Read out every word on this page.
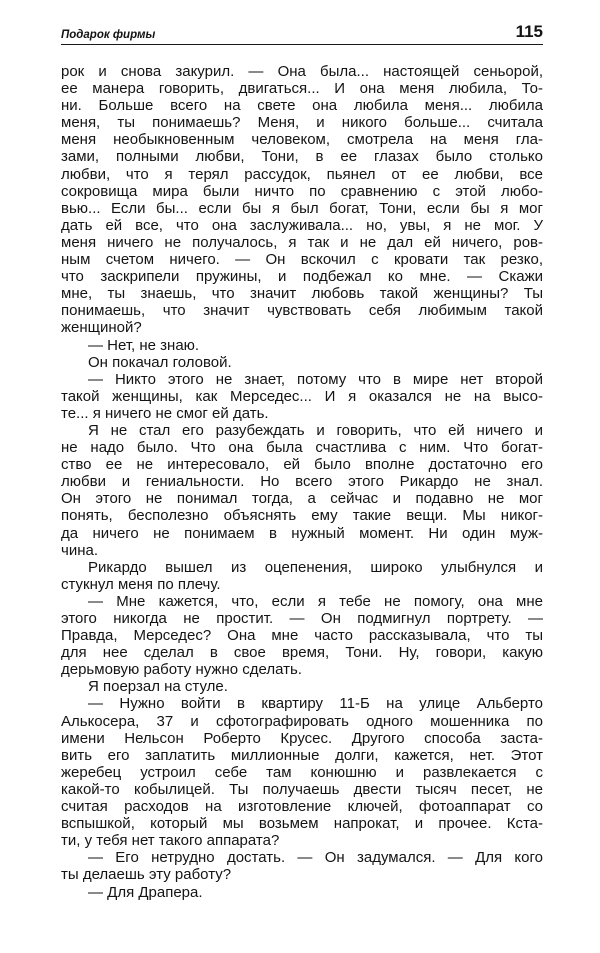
Подарок фирмы	115
рок и снова закурил. — Она была... настоящей сеньорой,
ее манера говорить, двигаться... И она меня любила, То-
ни. Больше всего на свете она любила меня... любила
меня, ты понимаешь? Меня, и никого больше... считала
меня необыкновенным человеком, смотрела на меня гла-
зами, полными любви, Тони, в ее глазах было столько
любви, что я терял рассудок, пьянел от ее любви, все
сокровища мира были ничто по сравнению с этой любо-
вью... Если бы... если бы я был богат, Тони, если бы я мог
дать ей все, что она заслуживала... но, увы, я не мог. У
меня ничего не получалось, я так и не дал ей ничего, ров-
ным счетом ничего. — Он вскочил с кровати так резко,
что заскрипели пружины, и подбежал ко мне. — Скажи
мне, ты знаешь, что значит любовь такой женщины? Ты
понимаешь, что значит чувствовать себя любимым такой
женщиной?
— Нет, не знаю.
Он покачал головой.
— Никто этого не знает, потому что в мире нет второй
такой женщины, как Мерседес... И я оказался не на высо-
те... я ничего не смог ей дать.
Я не стал его разубеждать и говорить, что ей ничего и
не надо было. Что она была счастлива с ним. Что богат-
ство ее не интересовало, ей было вполне достаточно его
любви и гениальности. Но всего этого Рикардо не знал.
Он этого не понимал тогда, а сейчас и подавно не мог
понять, бесполезно объяснять ему такие вещи. Мы никог-
да ничего не понимаем в нужный момент. Ни один муж-
чина.
Рикардо вышел из оцепенения, широко улыбнулся и
стукнул меня по плечу.
— Мне кажется, что, если я тебе не помогу, она мне
этого никогда не простит. — Он подмигнул портрету. —
Правда, Мерседес? Она мне часто рассказывала, что ты
для нее сделал в свое время, Тони. Ну, говори, какую
дерьмовую работу нужно сделать.
Я поерзал на стуле.
— Нужно войти в квартиру 11-Б на улице Альберто
Алькосера, 37 и сфотографировать одного мошенника по
имени Нельсон Роберто Крусес. Другого способа заста-
вить его заплатить миллионные долги, кажется, нет. Этот
жеребец устроил себе там конюшню и развлекается с
какой-то кобылицей. Ты получаешь двести тысяч песет, не
считая расходов на изготовление ключей, фотоаппарат со
вспышкой, который мы возьмем напрокат, и прочее. Кста-
ти, у тебя нет такого аппарата?
— Его нетрудно достать. — Он задумался. — Для кого
ты делаешь эту работу?
— Для Драпера.
